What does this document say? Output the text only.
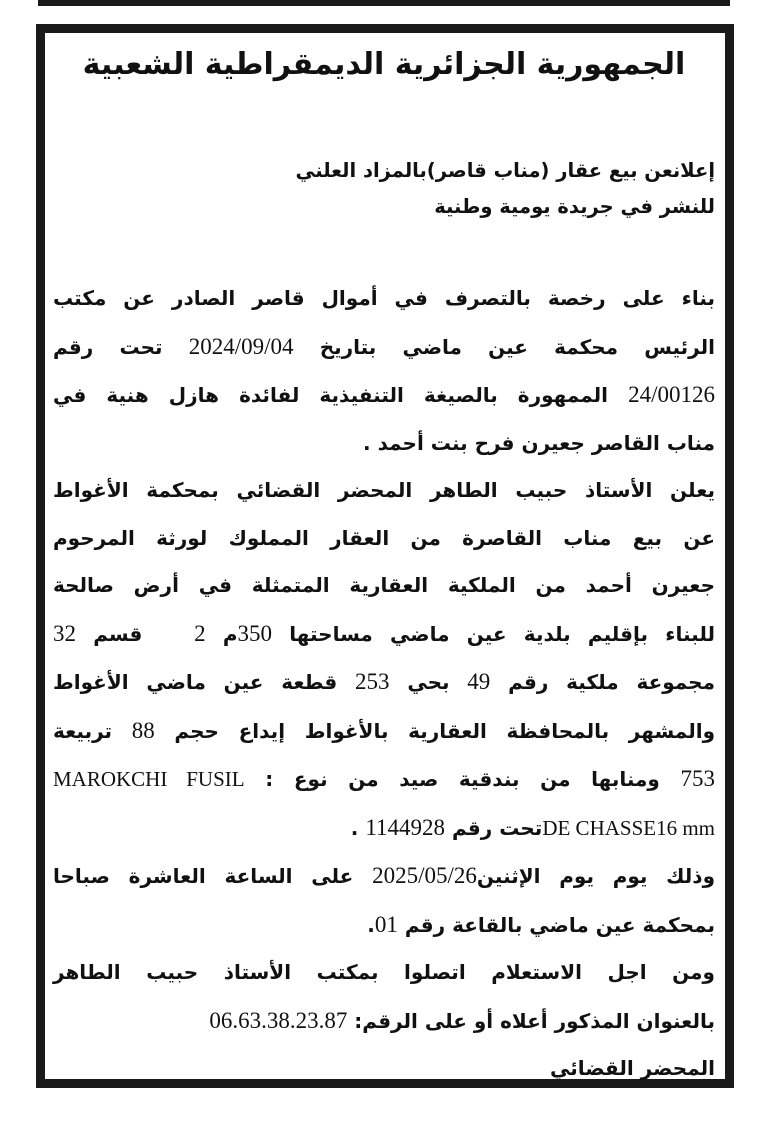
الجمهورية الجزائرية الديمقراطية الشعبية

إعلانعن بيع عقار (مناب قاصر)بالمزاد العلني

للنشر في جريدة يومية وطنية

بناء على رخصة بالتصرف في أموال قاصر الصادر عن مكتب

الرئيس محكمة عين ماضي بتاريخ 2024/09/04 تحت رقم

24/00126 الممهورة بالصيغة التنفيذية لفائدة هازل هنية في

مناب القاصر جعيرن فرح بنت أحمد .

يعلن الأستاذ حبيب الطاهر المحضر القضائي بمحكمة الأغواط

عن بيع مناب القاصرة من العقار المملوك لورثة المرحوم

جعيرن أحمد من الملكية العقارية المتمثلة في أرض صالحة

للبناء بإقليم بلدية عين ماضي مساحتها 350م 2   قسم 32

مجموعة ملكية رقم 49 بحي 253 قطعة عين ماضي الأغواط

والمشهر بالمحافظة العقارية بالأغواط إيداع حجم 88 تربيعة

753 ومنابها من بندقية صيد من نوع : MAROKCHI FUSIL

DE CHASSE16 mmتحت رقم 1144928 .

وذلك يوم يوم الإثنين2025/05/26 على الساعة العاشرة صباحا

بمحكمة عين ماضي بالقاعة رقم 01.

ومن اجل الاستعلام اتصلوا بمكتب الأستاذ حبيب الطاهر

بالعنوان المذكور أعلاه أو على الرقم: 06.63.38.23.87

المحضر القضائي
